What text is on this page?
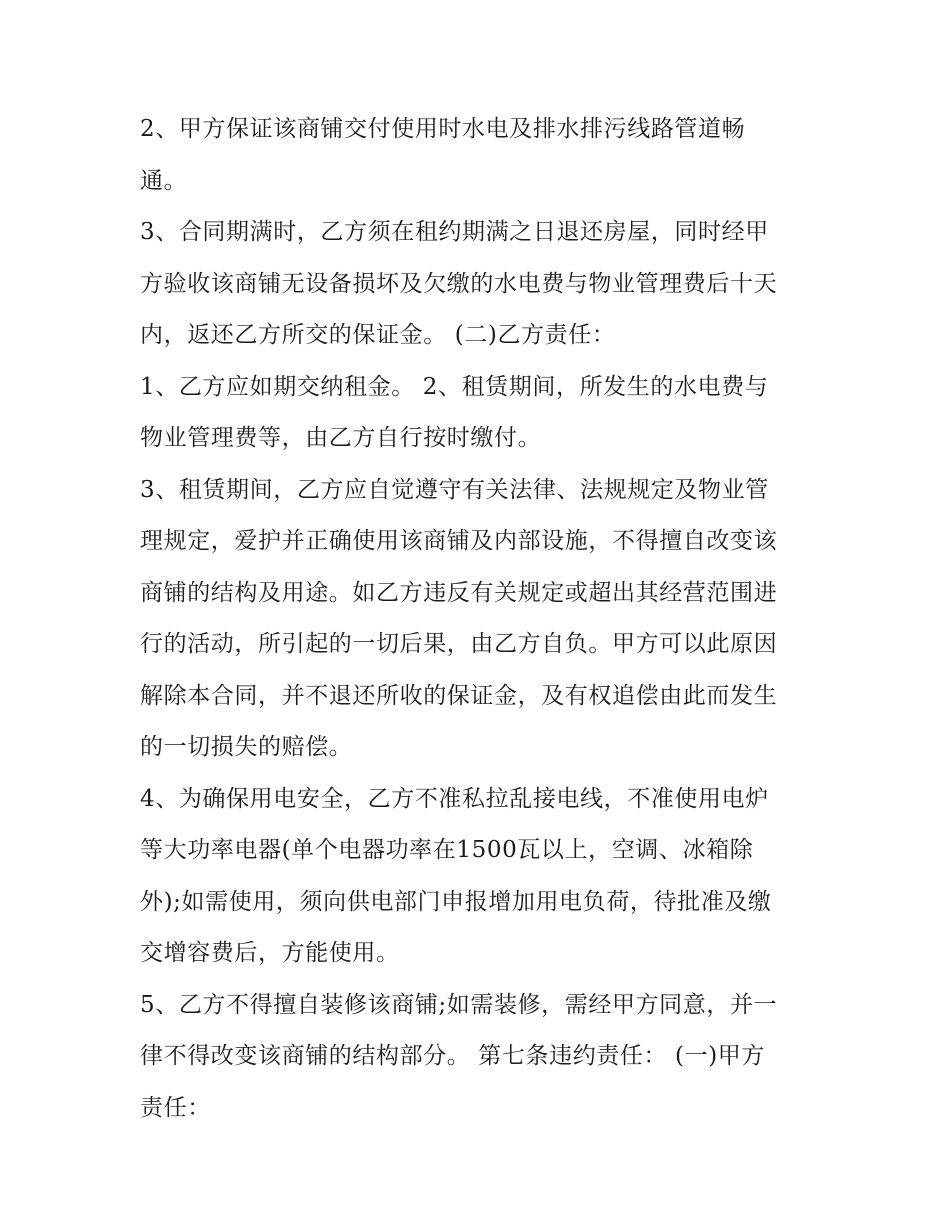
2、甲方保证该商铺交付使用时水电及排水排污线路管道畅
通。
3、合同期满时，乙方须在租约期满之日退还房屋，同时经甲
方验收该商铺无设备损坏及欠缴的水电费与物业管理费后十天
内，返还乙方所交的保证金。 (二)乙方责任：
1、乙方应如期交纳租金。 2、租赁期间，所发生的水电费与
物业管理费等，由乙方自行按时缴付。
3、租赁期间，乙方应自觉遵守有关法律、法规规定及物业管
理规定，爱护并正确使用该商铺及内部设施，不得擅自改变该
商铺的结构及用途。如乙方违反有关规定或超出其经营范围进
行的活动，所引起的一切后果，由乙方自负。甲方可以此原因
解除本合同，并不退还所收的保证金，及有权追偿由此而发生
的一切损失的赔偿。
4、为确保用电安全，乙方不准私拉乱接电线，不准使用电炉
等大功率电器(单个电器功率在1500瓦以上，空调、冰箱除
外);如需使用，须向供电部门申报增加用电负荷，待批准及缴
交增容费后，方能使用。
5、乙方不得擅自装修该商铺;如需装修，需经甲方同意，并一
律不得改变该商铺的结构部分。 第七条违约责任： (一)甲方
责任：
